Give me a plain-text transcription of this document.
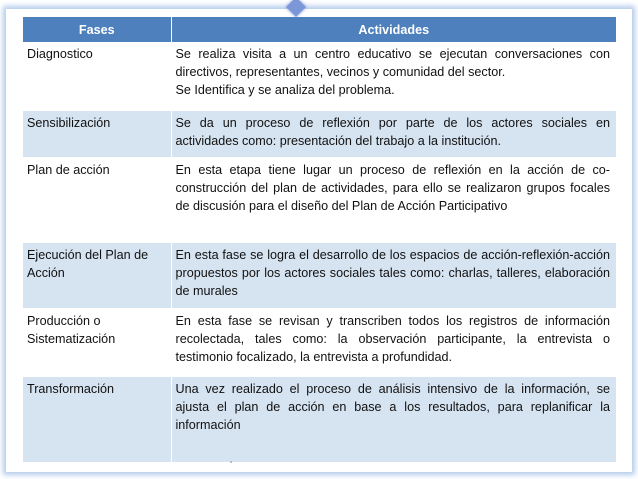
Fases	Actividades
Diagnostico	Se realiza visita a un centro educativo se ejecutan conversaciones con directivos, representantes, vecinos y comunidad del sector.
Se Identifica y se analiza del problema.
Sensibilización	Se da un proceso de reflexión por parte de los actores sociales en actividades como: presentación del trabajo a la institución.
Plan de acción	En esta etapa tiene lugar un proceso de reflexión en la acción de co-construcción del plan de actividades, para ello se realizaron grupos focales de discusión para el diseño del Plan de Acción Participativo
Ejecución del Plan de Acción	En esta fase se logra el desarrollo de los espacios de acción-reflexión-acción propuestos por los actores sociales tales como: charlas, talleres, elaboración de murales
Producción o Sistematización	En esta fase se revisan y transcriben todos los registros de información recolectada, tales como: la observación participante, la entrevista o testimonio focalizado, la entrevista a profundidad.
Transformación	Una vez realizado el proceso de análisis intensivo de la información, se ajusta el plan de acción en base a los resultados, para replanificar la información
